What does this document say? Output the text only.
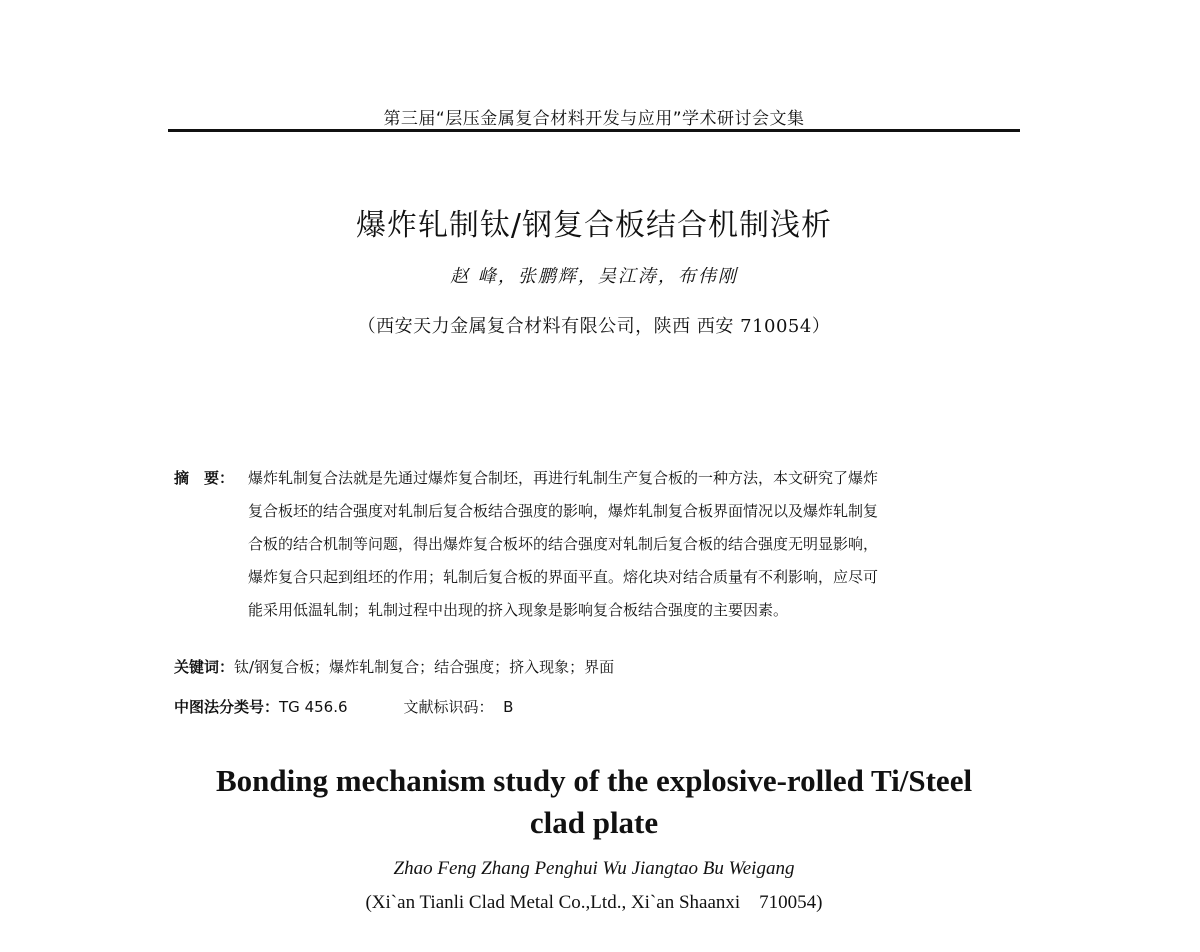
第三届“层压金属复合材料开发与应用”学术研讨会文集
爆炸轧制钛/钢复合板结合机制浅析
赵 峰，张鹏辉，吴江涛，布伟刚
（西安天力金属复合材料有限公司，陕西 西安 710054）
摘　要： 爆炸轧制复合法就是先通过爆炸复合制坯，再进行轧制生产复合板的一种方法，本文研究了爆炸
复合板坯的结合强度对轧制后复合板结合强度的影响，爆炸轧制复合板界面情况以及爆炸轧制复
合板的结合机制等问题，得出爆炸复合板坏的结合强度对轧制后复合板的结合强度无明显影响，
爆炸复合只起到组坯的作用；轧制后复合板的界面平直。熔化块对结合质量有不利影响，应尽可
能采用低温轧制；轧制过程中出现的挤入现象是影响复合板结合强度的主要因素。
关键词：钛/钢复合板；爆炸轧制复合；结合强度；挤入现象；界面
中图法分类号：TG 456.6	文献标识码： B
Bonding mechanism study of the explosive-rolled Ti/Steel
clad plate
Zhao Feng Zhang Penghui Wu Jiangtao Bu Weigang
(Xi`an Tianli Clad Metal Co.,Ltd., Xi`an Shaanxi    710054)
